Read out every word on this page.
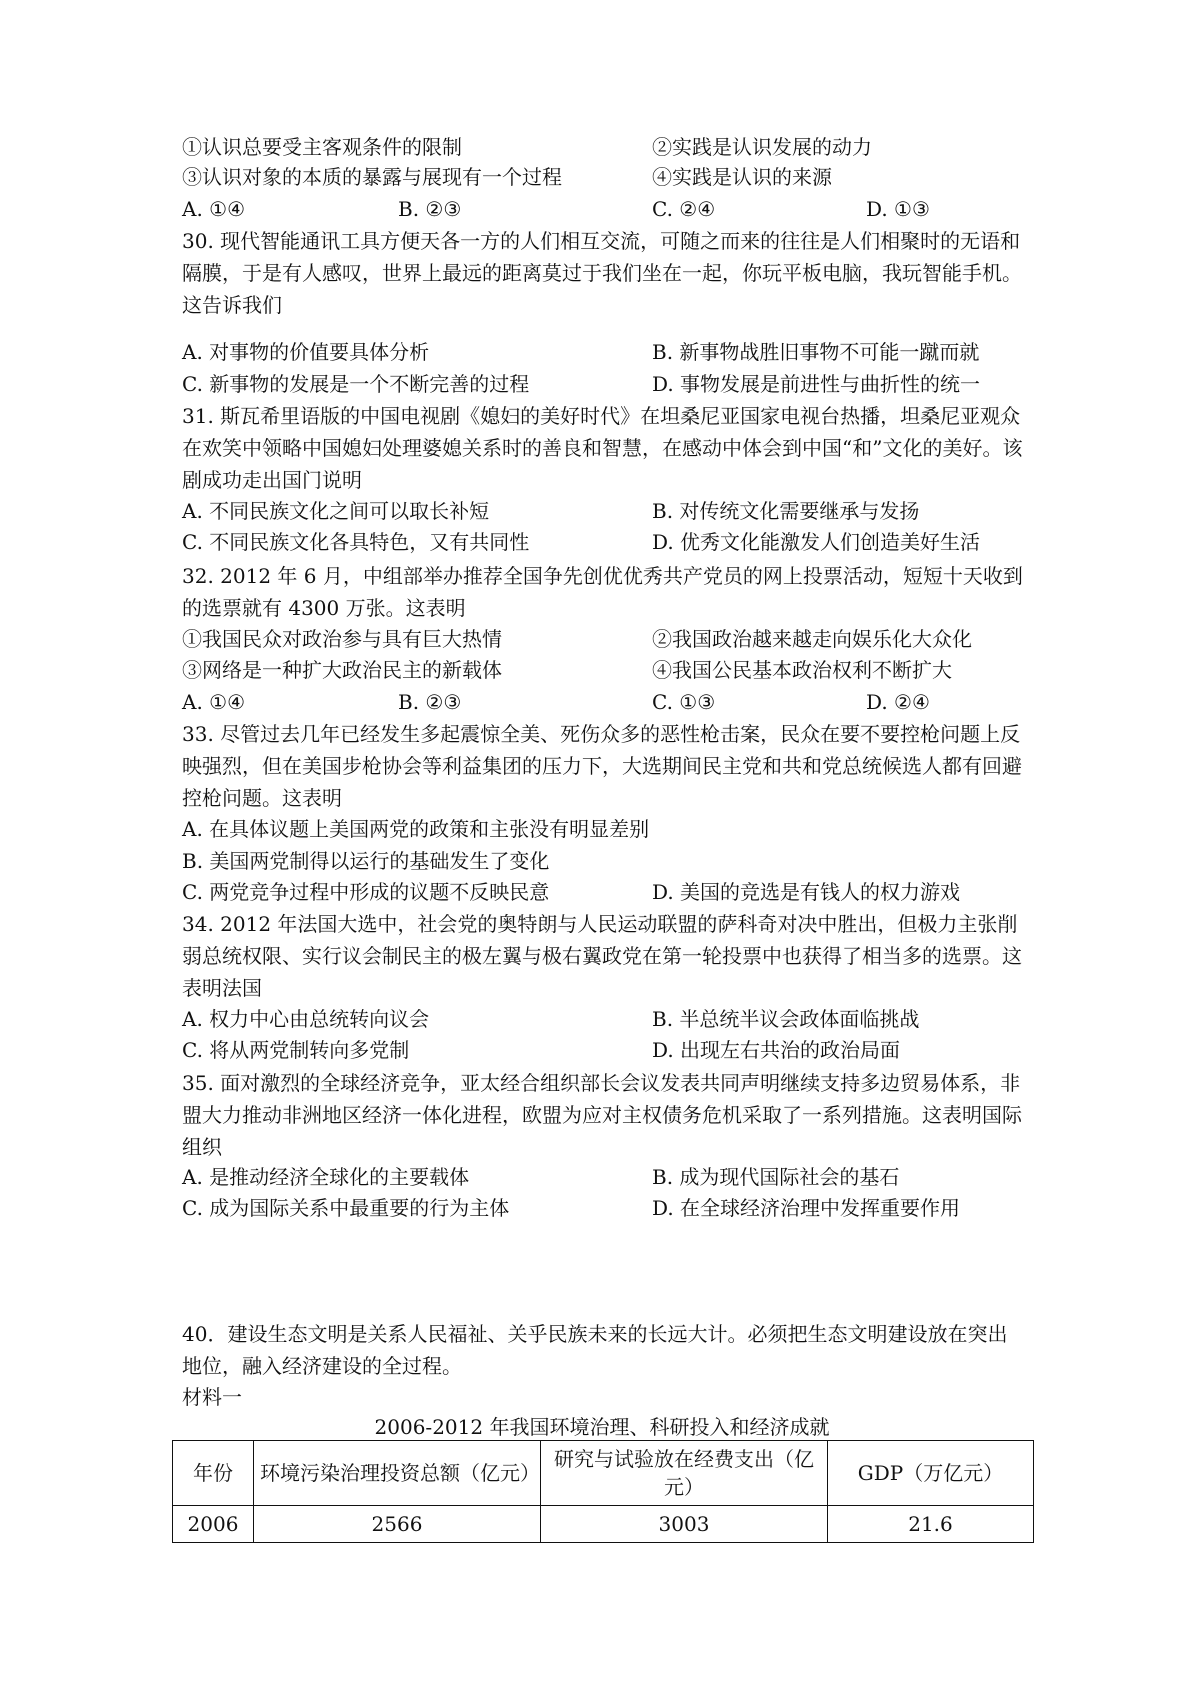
①认识总要受主客观条件的限制	②实践是认识发展的动力
③认识对象的本质的暴露与展现有一个过程	④实践是认识的来源
A. ①④	B. ②③	C. ②④	D. ①③
30. 现代智能通讯工具方便天各一方的人们相互交流，可随之而来的往往是人们相聚时的无语和隔膜，于是有人感叹，世界上最远的距离莫过于我们坐在一起，你玩平板电脑，我玩智能手机。这告诉我们
A. 对事物的价值要具体分析	B. 新事物战胜旧事物不可能一蹴而就
C. 新事物的发展是一个不断完善的过程	D. 事物发展是前进性与曲折性的统一
31. 斯瓦希里语版的中国电视剧《媳妇的美好时代》在坦桑尼亚国家电视台热播，坦桑尼亚观众在欢笑中领略中国媳妇处理婆媳关系时的善良和智慧，在感动中体会到中国“和”文化的美好。该剧成功走出国门说明
A. 不同民族文化之间可以取长补短	B. 对传统文化需要继承与发扬
C. 不同民族文化各具特色，又有共同性	D. 优秀文化能激发人们创造美好生活
32. 2012 年 6 月，中组部举办推荐全国争先创优优秀共产党员的网上投票活动，短短十天收到的选票就有 4300 万张。这表明
①我国民众对政治参与具有巨大热情	②我国政治越来越走向娱乐化大众化
③网络是一种扩大政治民主的新载体	④我国公民基本政治权利不断扩大
A. ①④	B. ②③	C. ①③	D. ②④
33. 尽管过去几年已经发生多起震惊全美、死伤众多的恶性枪击案，民众在要不要控枪问题上反映强烈，但在美国步枪协会等利益集团的压力下，大选期间民主党和共和党总统候选人都有回避控枪问题。这表明
A. 在具体议题上美国两党的政策和主张没有明显差别
B. 美国两党制得以运行的基础发生了变化
C. 两党竞争过程中形成的议题不反映民意	D. 美国的竞选是有钱人的权力游戏
34. 2012 年法国大选中，社会党的奥特朗与人民运动联盟的萨科奇对决中胜出，但极力主张削弱总统权限、实行议会制民主的极左翼与极右翼政党在第一轮投票中也获得了相当多的选票。这表明法国
A. 权力中心由总统转向议会	B. 半总统半议会政体面临挑战
C. 将从两党制转向多党制	D. 出现左右共治的政治局面
35. 面对激烈的全球经济竞争，亚太经合组织部长会议发表共同声明继续支持多边贸易体系，非盟大力推动非洲地区经济一体化进程，欧盟为应对主权债务危机采取了一系列措施。这表明国际组织
A. 是推动经济全球化的主要载体	B. 成为现代国际社会的基石
C. 成为国际关系中最重要的行为主体	D. 在全球经济治理中发挥重要作用
40．建设生态文明是关系人民福祉、关乎民族未来的长远大计。必须把生态文明建设放在突出地位，融入经济建设的全过程。
材料一
2006-2012 年我国环境治理、科研投入和经济成就
年份	环境污染治理投资总额（亿元）	研究与试验放在经费支出（亿元）	GDP（万亿元）
2006	2566	3003	21.6
